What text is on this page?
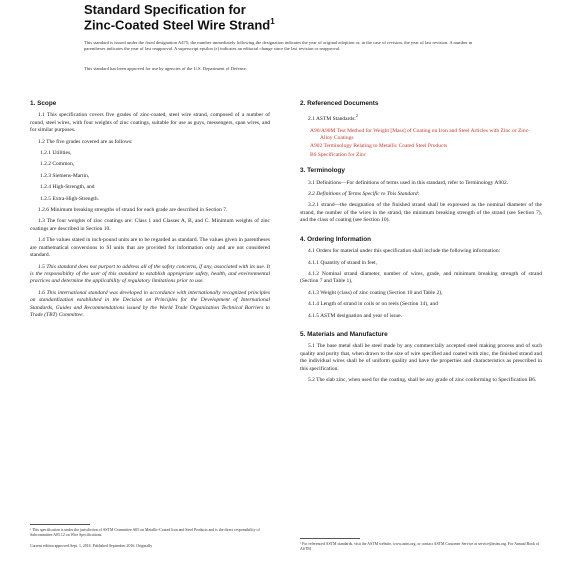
Standard Specification for
Zinc-Coated Steel Wire Strand$^1$
This standard is issued under the fixed designation A475; the number immediately following the designation indicates the year of original adoption or, in the case of revision, the year of last revision. A number in parentheses indicates the year of last reapproval. A superscript epsilon (ε) indicates an editorial change since the last revision or reapproval.
This standard has been approved for use by agencies of the U.S. Department of Defense.
1. Scope
1.1 This specification covers five grades of zinc-coated, steel wire strand, composed of a number of round, steel wires, with four weights of zinc coatings, suitable for use as guys, messengers, span wires, and for similar purposes.
1.2 The five grades covered are as follows:
1.2.1 Utilities,
1.2.2 Common,
1.2.3 Siemens-Martin,
1.2.4 High-Strength, and
1.2.5 Extra-High-Strength.
1.2.6 Minimum breaking strengths of strand for each grade are described in Section 7.
1.3 The four weights of zinc coatings are: Class 1 and Classes A, B, and C. Minimum weights of zinc coatings are described in Section 10.
1.4 The values stated in inch-pound units are to be regarded as standard. The values given in parentheses are mathematical conversions to SI units that are provided for information only and are not considered standard.
1.5 This standard does not purport to address all of the safety concerns, if any, associated with its use. It is the responsibility of the user of this standard to establish appropriate safety, health, and environmental practices and determine the applicability of regulatory limitations prior to use.
1.6 This international standard was developed in accordance with internationally recognized principles on standardization established in the Decision on Principles for the Development of International Standards, Guides and Recommendations issued by the World Trade Organization Technical Barriers to Trade (TBT) Committee.
¹ This specification is under the jurisdiction of ASTM Committee A05 on Metallic-Coated Iron and Steel Products and is the direct responsibility of Subcommittee A05.12 on Wire Specifications.
Current edition approved Sept. 1, 2016. Published September 2016. Originally
2. Referenced Documents
2.1 ASTM Standards:$^2$
A90/A90M Test Method for Weight [Mass] of Coating on Iron and Steel Articles with Zinc or Zinc-Alloy Coatings
A902 Terminology Relating to Metallic Coated Steel Products
B6 Specification for Zinc
3. Terminology
3.1 Definitions—For definitions of terms used in this standard, refer to Terminology A902.
3.2 Definitions of Terms Specific to This Standard:
3.2.1 strand—the designation of the finished strand shall be expressed as the nominal diameter of the strand, the number of the wires in the strand, the minimum breaking strength of the strand (see Section 7), and the class of coating (see Section 10).
4. Ordering Information
4.1 Orders for material under this specification shall include the following information:
4.1.1 Quantity of strand in feet,
4.1.2 Nominal strand diameter, number of wires, grade, and minimum breaking strength of strand (Section 7 and Table 1),
4.1.3 Weight (class) of zinc coating (Section 10 and Table 2),
4.1.4 Length of strand in coils or on reels (Section 14), and
4.1.5 ASTM designation and year of issue.
5. Materials and Manufacture
5.1 The base metal shall be steel made by any commercially accepted steel making process and of such quality and purity that, when drawn to the size of wire specified and coated with zinc, the finished strand and the individual wires shall be of uniform quality and have the properties and characteristics as prescribed in this specification.
5.2 The slab zinc, when used for the coating, shall be any grade of zinc conforming to Specification B6.
² For referenced ASTM standards, visit the ASTM website, www.astm.org, or contact ASTM Customer Service at service@astm.org. For Annual Book of ASTM
